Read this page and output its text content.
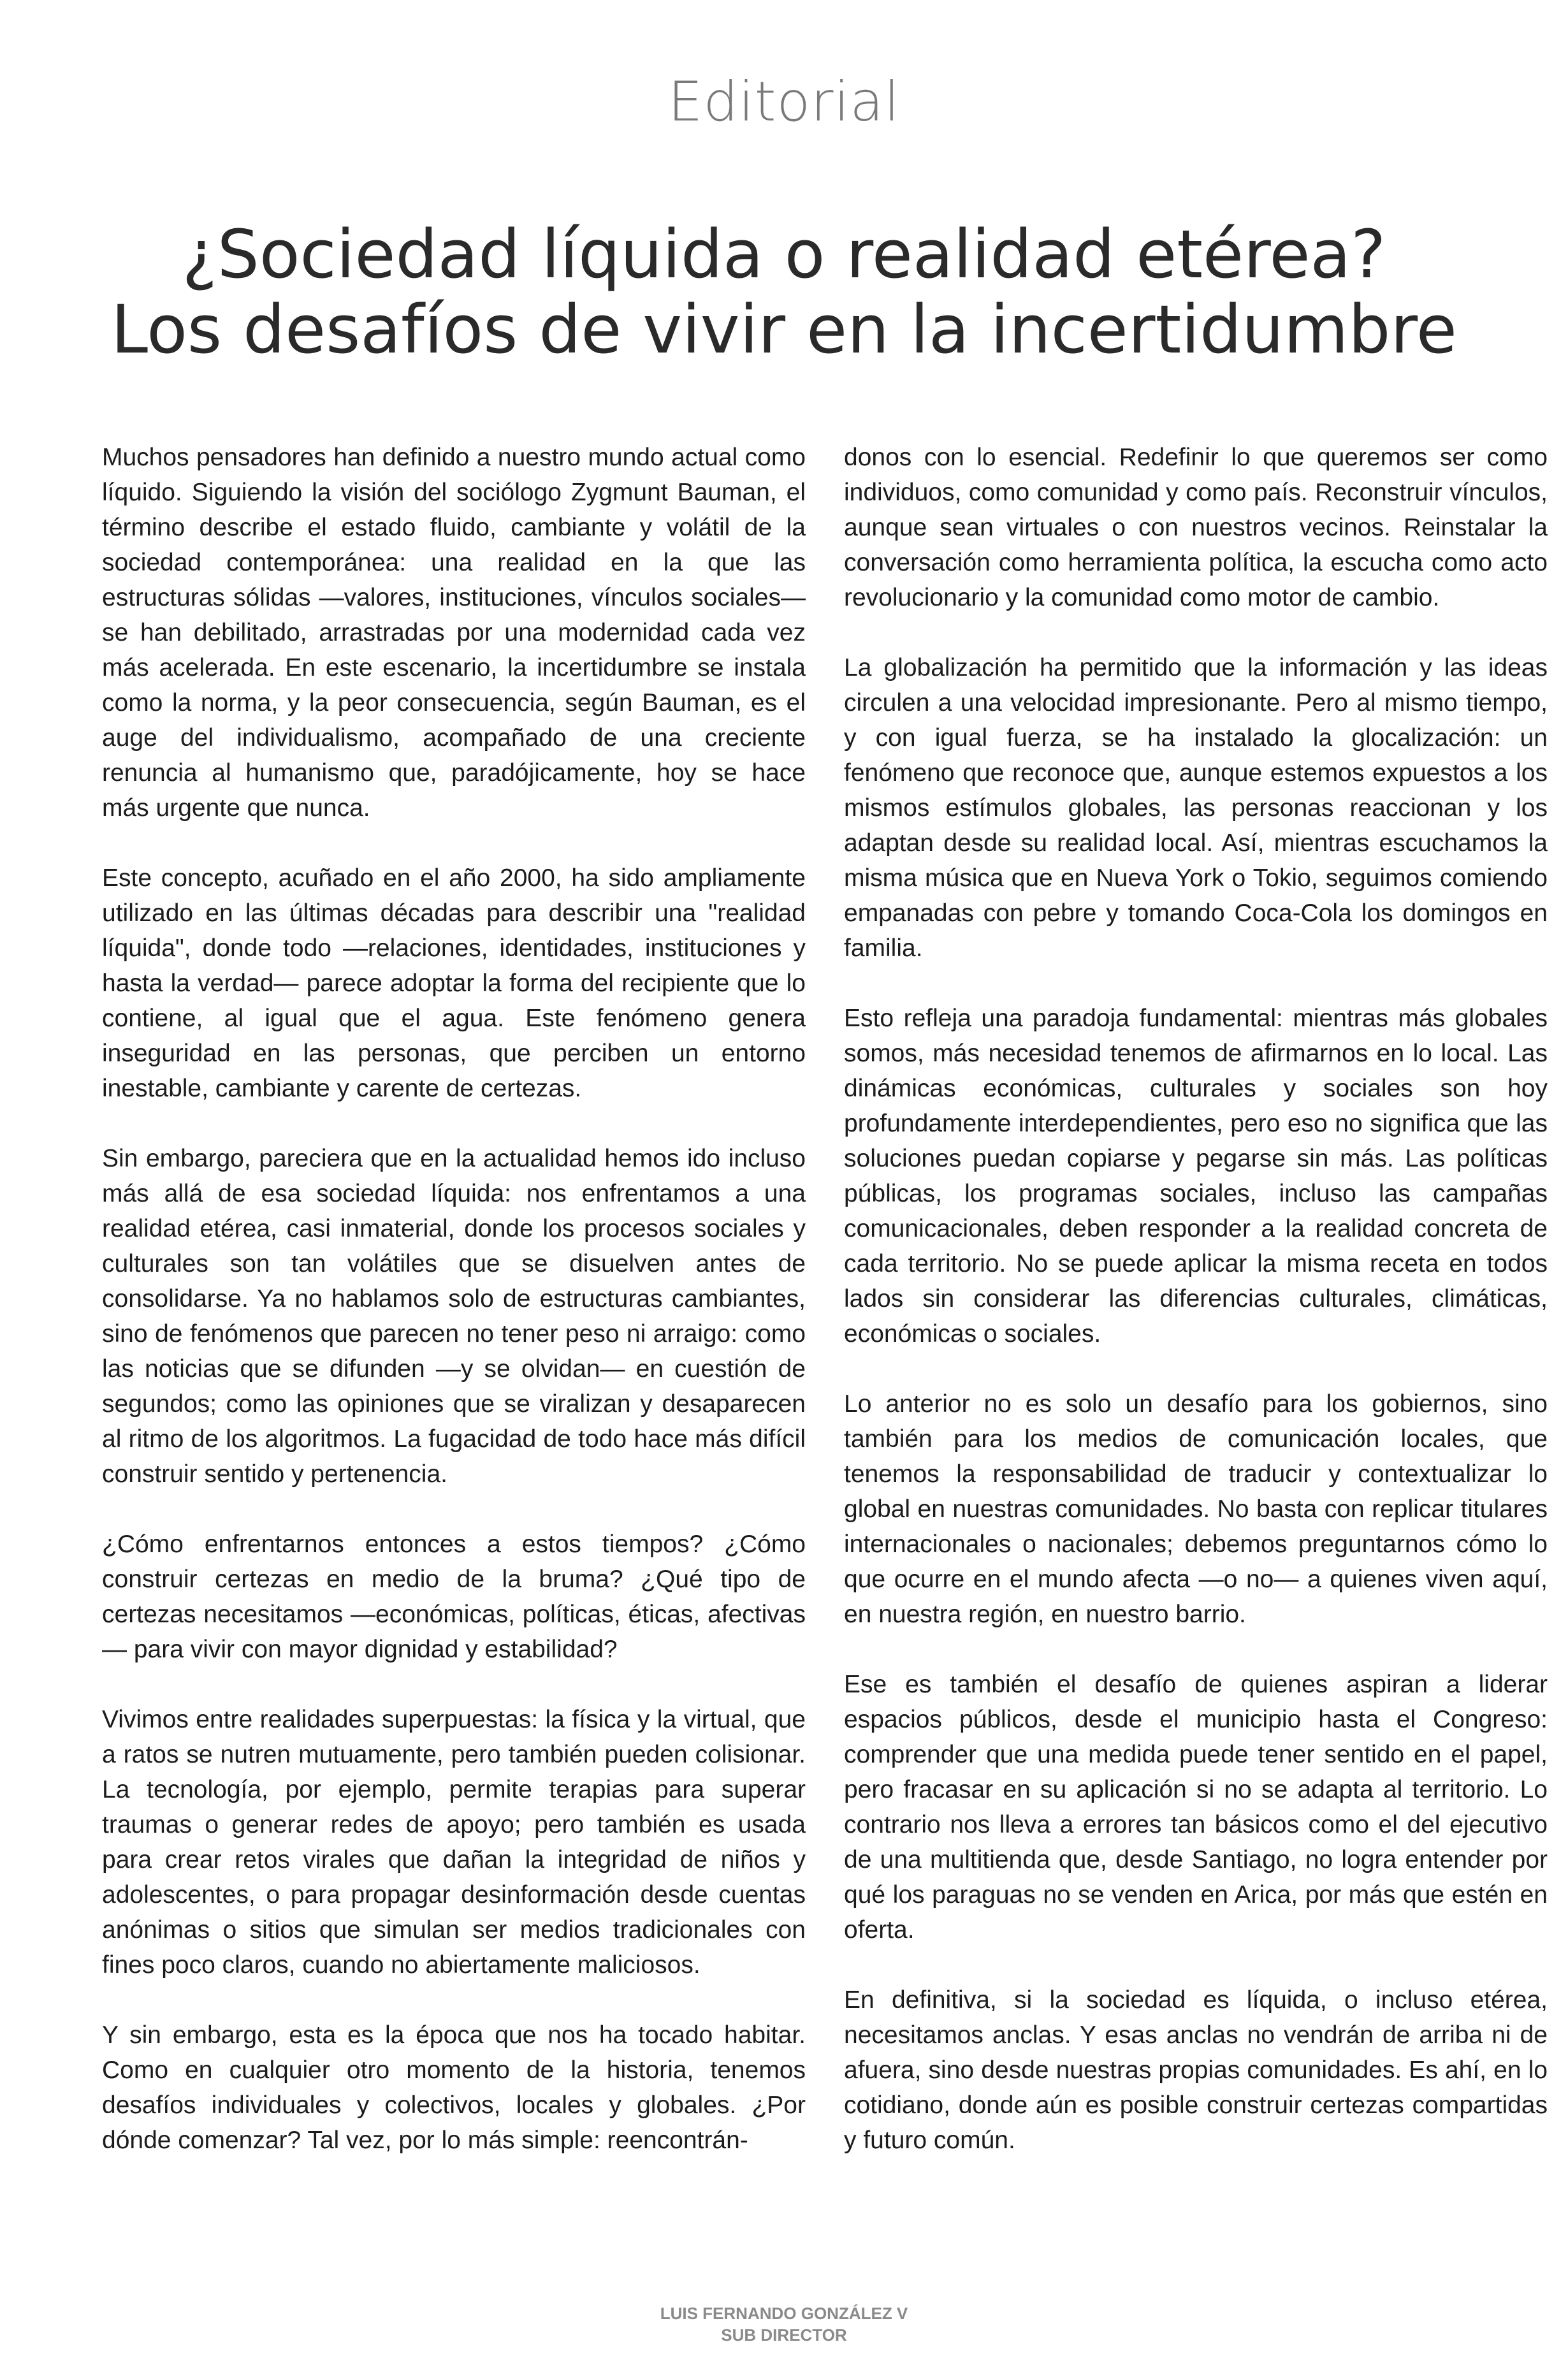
Editorial
¿Sociedad líquida o realidad etérea?
Los desafíos de vivir en la incertidumbre

Muchos pensadores han definido a nuestro mundo actual como líquido. Siguiendo la visión del sociólogo Zygmunt Bauman, el término describe el estado fluido, cambiante y volátil de la sociedad contemporánea: una realidad en la que las estructuras sólidas —valores, instituciones, vínculos sociales— se han debilitado, arrastradas por una modernidad cada vez más acelerada. En este escenario, la incertidumbre se instala como la norma, y la peor consecuencia, según Bauman, es el auge del individualismo, acompañado de una creciente renuncia al humanismo que, paradójicamente, hoy se hace más urgente que nunca.

Este concepto, acuñado en el año 2000, ha sido ampliamente utilizado en las últimas décadas para describir una "realidad líquida", donde todo —relaciones, identidades, instituciones y hasta la verdad— parece adoptar la forma del recipiente que lo contiene, al igual que el agua. Este fenómeno genera inseguridad en las personas, que perciben un entorno inestable, cambiante y carente de certezas.

Sin embargo, pareciera que en la actualidad hemos ido incluso más allá de esa sociedad líquida: nos enfrentamos a una realidad etérea, casi inmaterial, donde los procesos sociales y culturales son tan volátiles que se disuelven antes de consolidarse. Ya no hablamos solo de estructuras cambiantes, sino de fenómenos que parecen no tener peso ni arraigo: como las noticias que se difunden —y se olvidan— en cuestión de segundos; como las opiniones que se viralizan y desaparecen al ritmo de los algoritmos. La fugacidad de todo hace más difícil construir sentido y pertenencia.

¿Cómo enfrentarnos entonces a estos tiempos? ¿Cómo construir certezas en medio de la bruma? ¿Qué tipo de certezas necesitamos —económicas, políticas, éticas, afectivas— para vivir con mayor dignidad y estabilidad?

Vivimos entre realidades superpuestas: la física y la virtual, que a ratos se nutren mutuamente, pero también pueden colisionar. La tecnología, por ejemplo, permite terapias para superar traumas o generar redes de apoyo; pero también es usada para crear retos virales que dañan la integridad de niños y adolescentes, o para propagar desinformación desde cuentas anónimas o sitios que simulan ser medios tradicionales con fines poco claros, cuando no abiertamente maliciosos.

Y sin embargo, esta es la época que nos ha tocado habitar. Como en cualquier otro momento de la historia, tenemos desafíos individuales y colectivos, locales y globales. ¿Por dónde comenzar? Tal vez, por lo más simple: reencontrán-

donos con lo esencial. Redefinir lo que queremos ser como individuos, como comunidad y como país. Reconstruir vínculos, aunque sean virtuales o con nuestros vecinos. Reinstalar la conversación como herramienta política, la escucha como acto revolucionario y la comunidad como motor de cambio.

La globalización ha permitido que la información y las ideas circulen a una velocidad impresionante. Pero al mismo tiempo, y con igual fuerza, se ha instalado la glocalización: un fenómeno que reconoce que, aunque estemos expuestos a los mismos estímulos globales, las personas reaccionan y los adaptan desde su realidad local. Así, mientras escuchamos la misma música que en Nueva York o Tokio, seguimos comiendo empanadas con pebre y tomando Coca-Cola los domingos en familia.

Esto refleja una paradoja fundamental: mientras más globales somos, más necesidad tenemos de afirmarnos en lo local. Las dinámicas económicas, culturales y sociales son hoy profundamente interdependientes, pero eso no significa que las soluciones puedan copiarse y pegarse sin más. Las políticas públicas, los programas sociales, incluso las campañas comunicacionales, deben responder a la realidad concreta de cada territorio. No se puede aplicar la misma receta en todos lados sin considerar las diferencias culturales, climáticas, económicas o sociales.

Lo anterior no es solo un desafío para los gobiernos, sino también para los medios de comunicación locales, que tenemos la responsabilidad de traducir y contextualizar lo global en nuestras comunidades. No basta con replicar titulares internacionales o nacionales; debemos preguntarnos cómo lo que ocurre en el mundo afecta —o no— a quienes viven aquí, en nuestra región, en nuestro barrio.

Ese es también el desafío de quienes aspiran a liderar espacios públicos, desde el municipio hasta el Congreso: comprender que una medida puede tener sentido en el papel, pero fracasar en su aplicación si no se adapta al territorio. Lo contrario nos lleva a errores tan básicos como el del ejecutivo de una multitienda que, desde Santiago, no logra entender por qué los paraguas no se venden en Arica, por más que estén en oferta.

En definitiva, si la sociedad es líquida, o incluso etérea, necesitamos anclas. Y esas anclas no vendrán de arriba ni de afuera, sino desde nuestras propias comunidades. Es ahí, en lo cotidiano, donde aún es posible construir certezas compartidas y futuro común.

LUIS FERNANDO GONZÁLEZ V
SUB DIRECTOR
